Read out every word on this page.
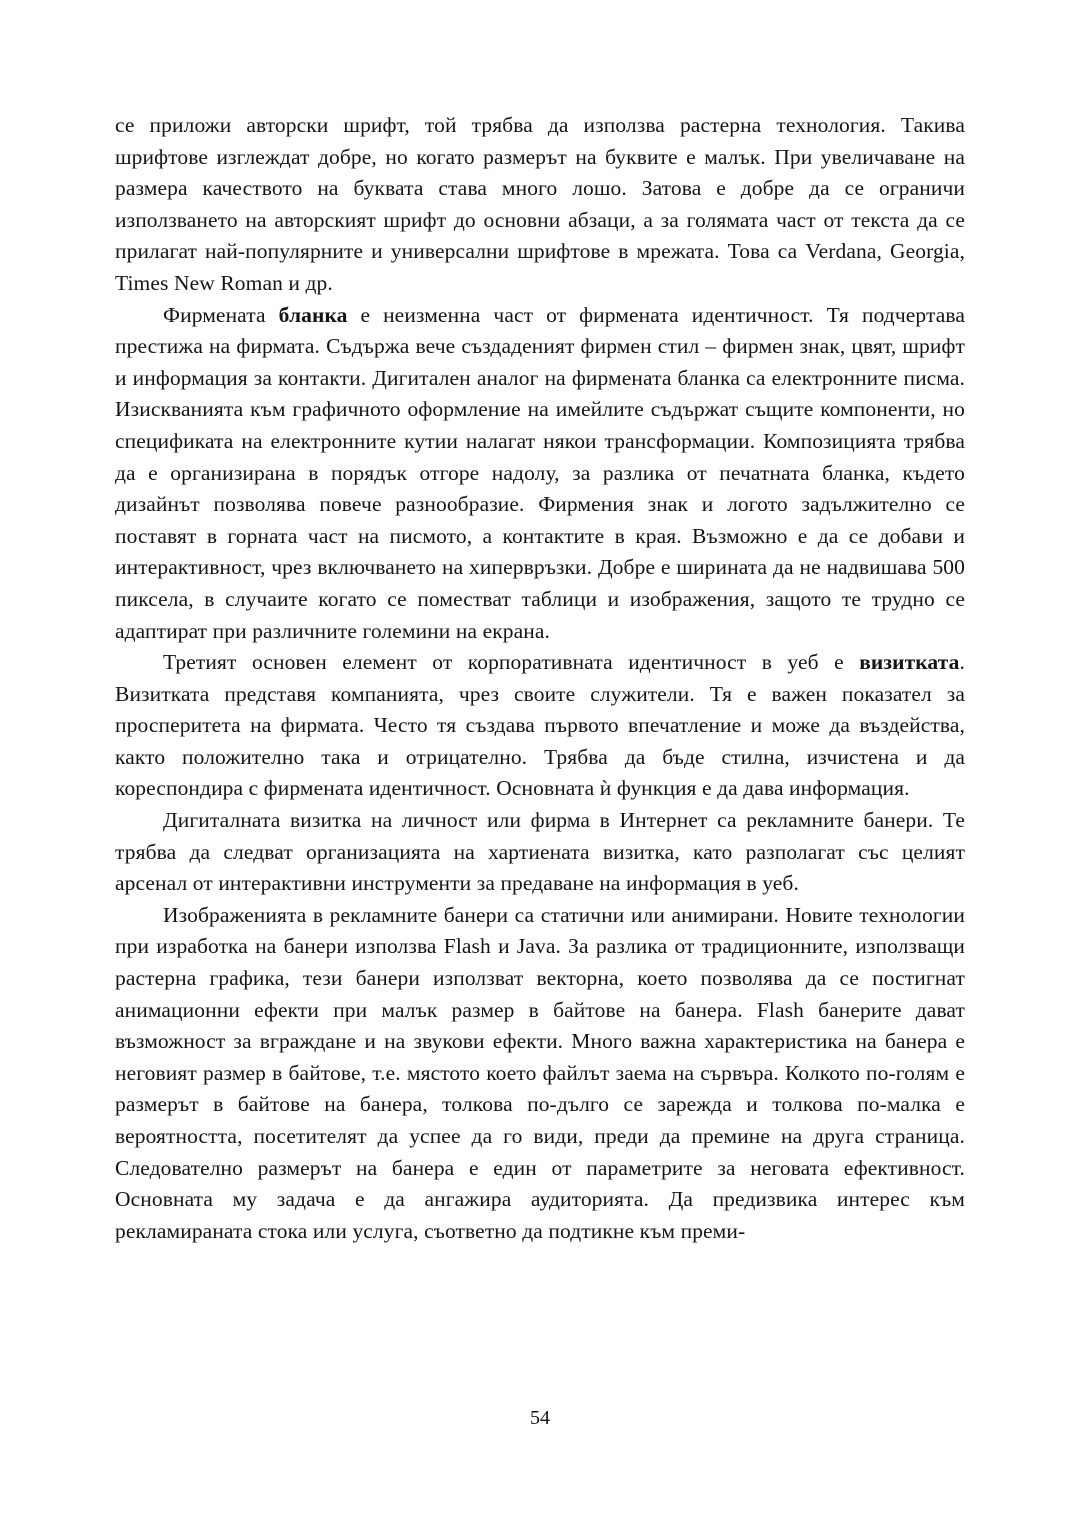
се приложи авторски шрифт, той трябва да използва растерна технология. Такива шрифтове изглеждат добре, но когато размерът на буквите е малък. При увеличаване на размера качеството на буквата става много лошо. Затова е добре да се ограничи използването на авторският шрифт до основни абзаци, а за голямата част от текста да се прилагат най-популярните и универсални шрифтове в мрежата. Това са Verdana, Georgia, Times New Roman и др.

Фирмената бланка е неизменна част от фирмената идентичност. Тя подчертава престижа на фирмата. Съдържа вече създаденият фирмен стил – фирмен знак, цвят, шрифт и информация за контакти. Дигитален аналог на фирмената бланка са електронните писма. Изискванията към графичното оформление на имейлите съдържат същите компоненти, но спецификата на електронните кутии налагат някои трансформации. Композицията трябва да е организирана в порядък отгоре надолу, за разлика от печатната бланка, където дизайнът позволява повече разнообразие. Фирмения знак и логото задължително се поставят в горната част на писмото, а контактите в края. Възможно е да се добави и интерактивност, чрез включването на хипервръзки. Добре е ширината да не надвишава 500 пиксела, в случаите когато се поместват таблици и изображения, защото те трудно се адаптират при различните големини на екрана.

Третият основен елемент от корпоративната идентичност в уеб е визитката. Визитката представя компанията, чрез своите служители. Тя е важен показател за просперитета на фирмата. Често тя създава първото впечатление и може да въздейства, както положително така и отрицателно. Трябва да бъде стилна, изчистена и да кореспондира с фирмената идентичност. Основната ѝ функция е да дава информация.

Дигиталната визитка на личност или фирма в Интернет са рекламните банери. Те трябва да следват организацията на хартиената визитка, като разполагат със целият арсенал от интерактивни инструменти за предаване на информация в уеб.

Изображенията в рекламните банери са статични или анимирани. Новите технологии при изработка на банери използва Flash и Java. За разлика от традиционните, използващи растерна графика, тези банери използват векторна, което позволява да се постигнат анимационни ефекти при малък размер в байтове на банера. Flash банерите дават възможност за вграждане и на звукови ефекти. Много важна характеристика на банера е неговият размер в байтове, т.е. мястото което файлът заема на сървъра. Колкото по-голям е размерът в байтове на банера, толкова по-дълго се зарежда и толкова по-малка е вероятността, посетителят да успее да го види, преди да премине на друга страница. Следователно размерът на банера е един от параметрите за неговата ефективност. Основната му задача е да ангажира аудиторията. Да предизвика интерес към рекламираната стока или услуга, съответно да подтикне към преми-

54
